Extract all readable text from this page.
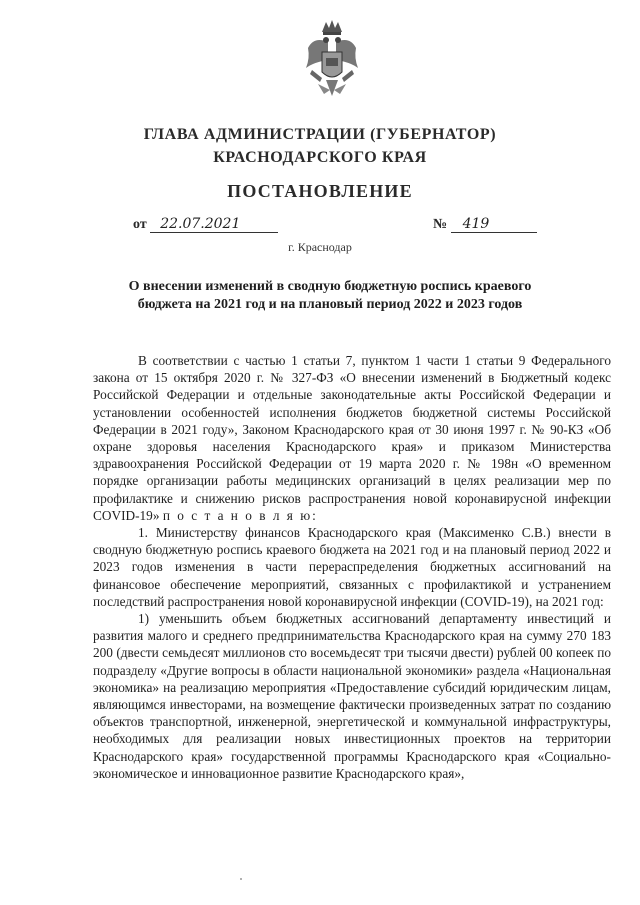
ГЛАВА АДМИНИСТРАЦИИ (ГУБЕРНАТОР)
КРАСНОДАРСКОГО КРАЯ
ПОСТАНОВЛЕНИЕ
от 22.07.2021	№ 419
г. Краснодар
О внесении изменений в сводную бюджетную роспись краевого бюджета на 2021 год и на плановый период 2022 и 2023 годов

В соответствии с частью 1 статьи 7, пунктом 1 части 1 статьи 9 Федерального закона от 15 октября 2020 г. № 327-ФЗ «О внесении изменений в Бюджетный кодекс Российской Федерации и отдельные законодательные акты Российской Федерации и установлении особенностей исполнения бюджетов бюджетной системы Российской Федерации в 2021 году», Законом Краснодарского края от 30 июня 1997 г. № 90-КЗ «Об охране здоровья населения Краснодарского края» и приказом Министерства здравоохранения Российской Федерации от 19 марта 2020 г. № 198н «О временном порядке организации работы медицинских организаций в целях реализации мер по профилактике и снижению рисков распространения новой коронавирусной инфекции COVID-19» п о с т а н о в л я ю:

1. Министерству финансов Краснодарского края (Максименко С.В.) внести в сводную бюджетную роспись краевого бюджета на 2021 год и на плановый период 2022 и 2023 годов изменения в части перераспределения бюджетных ассигнований на финансовое обеспечение мероприятий, связанных с профилактикой и устранением последствий распространения новой коронавирусной инфекции (COVID-19), на 2021 год:

1) уменьшить объем бюджетных ассигнований департаменту инвестиций и развития малого и среднего предпринимательства Краснодарского края на сумму 270 183 200 (двести семьдесят миллионов сто восемьдесят три тысячи двести) рублей 00 копеек по подразделу «Другие вопросы в области национальной экономики» раздела «Национальная экономика» на реализацию мероприятия «Предоставление субсидий юридическим лицам, являющимся инвесторами, на возмещение фактически произведенных затрат по созданию объектов транспортной, инженерной, энергетической и коммунальной инфраструктуры, необходимых для реализации новых инвестиционных проектов на территории Краснодарского края» государственной программы Краснодарского края «Социально-экономическое и инновационное развитие Краснодарского края»,
